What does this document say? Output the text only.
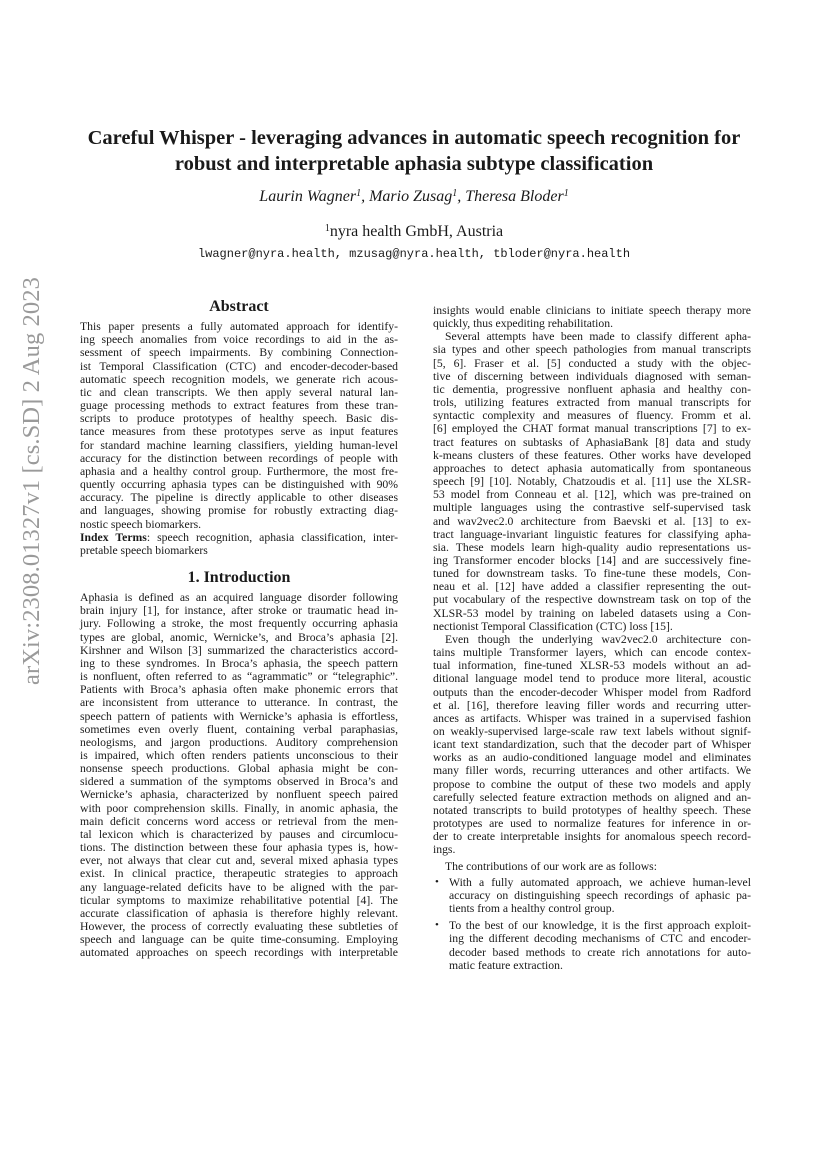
arXiv:2308.01327v1 [cs.SD] 2 Aug 2023
Careful Whisper - leveraging advances in automatic speech recognition for
robust and interpretable aphasia subtype classification
Laurin Wagner$^1$, Mario Zusag$^1$, Theresa Bloder$^1$
$^1$nyra health GmbH, Austria
lwagner@nyra.health, mzusag@nyra.health, tbloder@nyra.health
Abstract

This paper presents a fully automated approach for identify-

ing speech anomalies from voice recordings to aid in the as-

sessment of speech impairments. By combining Connection-

ist Temporal Classification (CTC) and encoder-decoder-based

automatic speech recognition models, we generate rich acous-

tic and clean transcripts. We then apply several natural lan-

guage processing methods to extract features from these tran-

scripts to produce prototypes of healthy speech. Basic dis-

tance measures from these prototypes serve as input features

for standard machine learning classifiers, yielding human-level

accuracy for the distinction between recordings of people with

aphasia and a healthy control group. Furthermore, the most fre-

quently occurring aphasia types can be distinguished with 90%

accuracy. The pipeline is directly applicable to other diseases

and languages, showing promise for robustly extracting diag-

nostic speech biomarkers.

Index Terms: speech recognition, aphasia classification, inter-

pretable speech biomarkers

1. Introduction

Aphasia is defined as an acquired language disorder following

brain injury [1], for instance, after stroke or traumatic head in-

jury. Following a stroke, the most frequently occurring aphasia

types are global, anomic, Wernicke’s, and Broca’s aphasia [2].

Kirshner and Wilson [3] summarized the characteristics accord-

ing to these syndromes. In Broca’s aphasia, the speech pattern

is nonfluent, often referred to as “agrammatic” or “telegraphic”.

Patients with Broca’s aphasia often make phonemic errors that

are inconsistent from utterance to utterance. In contrast, the

speech pattern of patients with Wernicke’s aphasia is effortless,

sometimes even overly fluent, containing verbal paraphasias,

neologisms, and jargon productions. Auditory comprehension

is impaired, which often renders patients unconscious to their

nonsense speech productions. Global aphasia might be con-

sidered a summation of the symptoms observed in Broca’s and

Wernicke’s aphasia, characterized by nonfluent speech paired

with poor comprehension skills. Finally, in anomic aphasia, the

main deficit concerns word access or retrieval from the men-

tal lexicon which is characterized by pauses and circumlocu-

tions. The distinction between these four aphasia types is, how-

ever, not always that clear cut and, several mixed aphasia types

exist. In clinical practice, therapeutic strategies to approach

any language-related deficits have to be aligned with the par-

ticular symptoms to maximize rehabilitative potential [4]. The

accurate classification of aphasia is therefore highly relevant.

However, the process of correctly evaluating these subtleties of

speech and language can be quite time-consuming. Employing

automated approaches on speech recordings with interpretable

insights would enable clinicians to initiate speech therapy more

quickly, thus expediting rehabilitation.

Several attempts have been made to classify different apha-

sia types and other speech pathologies from manual transcripts

[5, 6]. Fraser et al. [5] conducted a study with the objec-

tive of discerning between individuals diagnosed with seman-

tic dementia, progressive nonfluent aphasia and healthy con-

trols, utilizing features extracted from manual transcripts for

syntactic complexity and measures of fluency. Fromm et al.

[6] employed the CHAT format manual transcriptions [7] to ex-

tract features on subtasks of AphasiaBank [8] data and study

k-means clusters of these features. Other works have developed

approaches to detect aphasia automatically from spontaneous

speech [9] [10]. Notably, Chatzoudis et al. [11] use the XLSR-

53 model from Conneau et al. [12], which was pre-trained on

multiple languages using the contrastive self-supervised task

and wav2vec2.0 architecture from Baevski et al. [13] to ex-

tract language-invariant linguistic features for classifying apha-

sia. These models learn high-quality audio representations us-

ing Transformer encoder blocks [14] and are successively fine-

tuned for downstream tasks. To fine-tune these models, Con-

neau et al. [12] have added a classifier representing the out-

put vocabulary of the respective downstream task on top of the

XLSR-53 model by training on labeled datasets using a Con-

nectionist Temporal Classification (CTC) loss [15].

Even though the underlying wav2vec2.0 architecture con-

tains multiple Transformer layers, which can encode contex-

tual information, fine-tuned XLSR-53 models without an ad-

ditional language model tend to produce more literal, acoustic

outputs than the encoder-decoder Whisper model from Radford

et al. [16], therefore leaving filler words and recurring utter-

ances as artifacts. Whisper was trained in a supervised fashion

on weakly-supervised large-scale raw text labels without signif-

icant text standardization, such that the decoder part of Whisper

works as an audio-conditioned language model and eliminates

many filler words, recurring utterances and other artifacts. We

propose to combine the output of these two models and apply

carefully selected feature extraction methods on aligned and an-

notated transcripts to build prototypes of healthy speech. These

prototypes are used to normalize features for inference in or-

der to create interpretable insights for anomalous speech record-

ings.

The contributions of our work are as follows:

• With a fully automated approach, we achieve human-level

accuracy on distinguishing speech recordings of aphasic pa-

tients from a healthy control group.

• To the best of our knowledge, it is the first approach exploit-

ing the different decoding mechanisms of CTC and encoder-

decoder based methods to create rich annotations for auto-

matic feature extraction.
